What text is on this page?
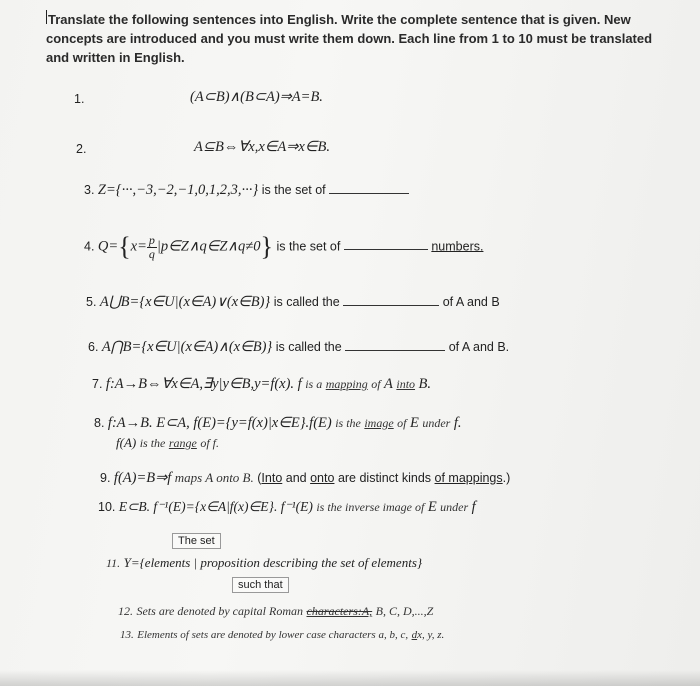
Translate the following sentences into English. Write the complete sentence that is given. New concepts are introduced and you must write them down. Each line from 1 to 10 must be translated and written in English.
1.	(A⊂B)∧(B⊂A)⇒A=B.
2.	A⊆B⇔∀x,x∈A⇒x∈B.
3. Z={···,−3,−2,−1,0,1,2,3,···} is the set of
4. $Q=\{x= \frac{p}{q}$ |p∈Z∧q∈Z∧q≠0} is the set of	numbers.
5. A⋃B={x∈U|(x∈A)∨(x∈B)} is called the	of A and B
6. A⋂B={x∈U|(x∈A)∧(x∈B)} is called the	of A and B.
7. f:A→B⇔∀x∈A,∃y|y∈B,y=f(x). f is a mapping of A into B.
8. f:A→B. E⊂A, f(E)={y=f(x)|x∈E}.f(E) is the image of E under f.
f(A) is the range of f.
9. f(A)=B⇒f maps A onto B. (Into and onto are distinct kinds of mappings.)
10. E⊂B. f⁻¹(E)={x∈A|f(x)∈E}. f⁻¹(E) is the inverse image of E under f
The set
11. Y={elements | proposition describing the set of elements}
such that
12. Sets are denoted by capital Roman characters:A, B, C, D,...,Z
13. Elements of sets are denoted by lower case characters a, b, c, dx, y, z.
